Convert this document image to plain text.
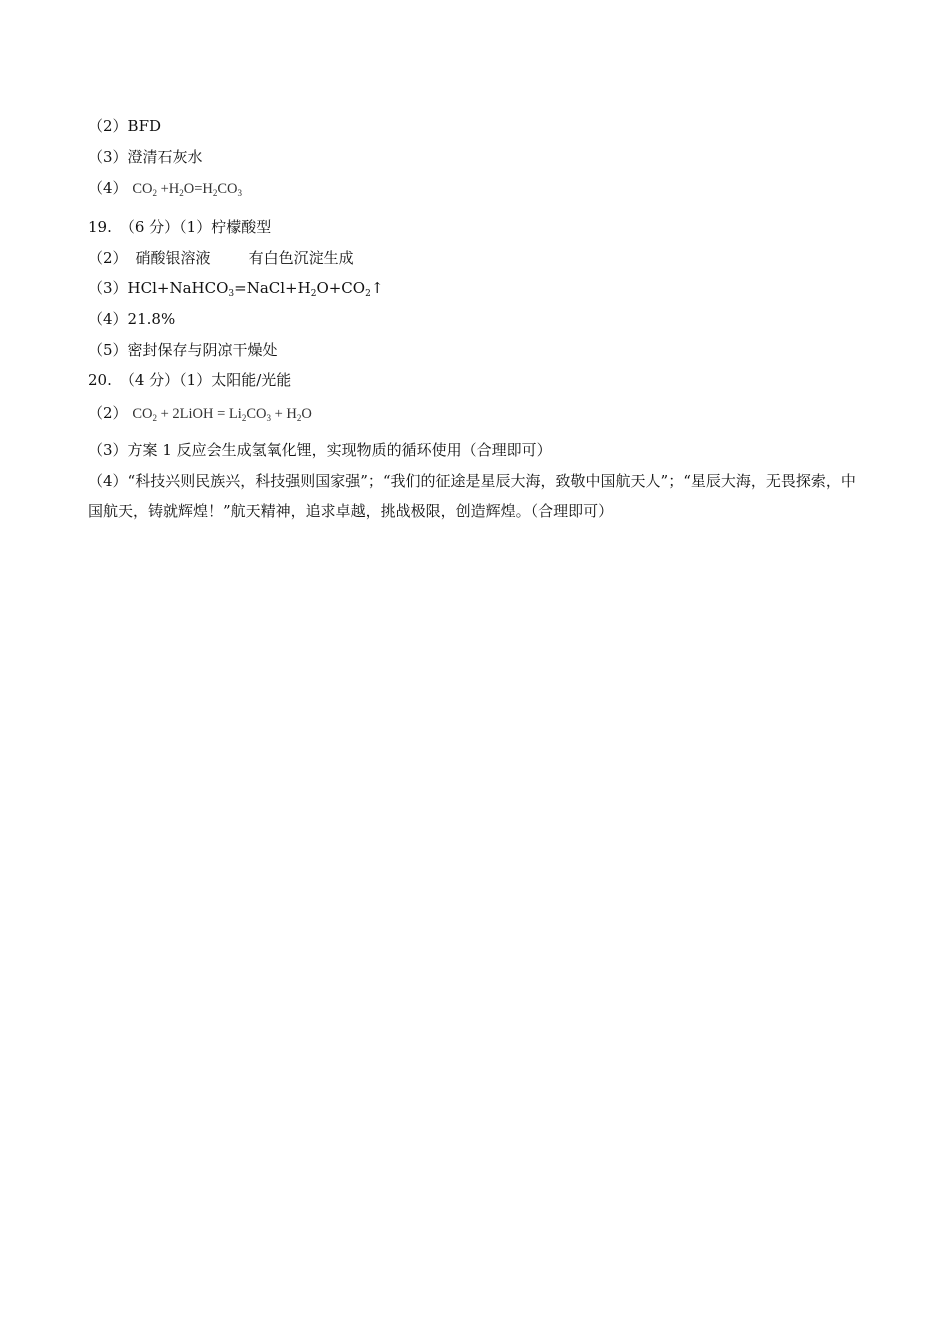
（2）BFD
（3）澄清石灰水
（4） $CO_2 +H_2O=H_2CO_3$
19. （6 分）（1）柠檬酸型
（2） 硝酸银溶液	有白色沉淀生成
$(3)HCl+NaHCO_3=NaCl+H_2O+CO_2↑$
（4）21.8%
（5）密封保存与阴凉干燥处
20. （4 分）（1）太阳能/光能
（2） $CO_2$ + 2LiOH = $Li_2CO_3 + H_2O$
（3）方案 1 反应会生成氢氧化锂，实现物质的循环使用（合理即可）
（4）“科技兴则民族兴，科技强则国家强”；“我们的征途是星辰大海，致敬中国航天人”；“星辰大海，无畏探索，中国航天，铸就辉煌！”航天精神，追求卓越，挑战极限，创造辉煌。（合理即可）
